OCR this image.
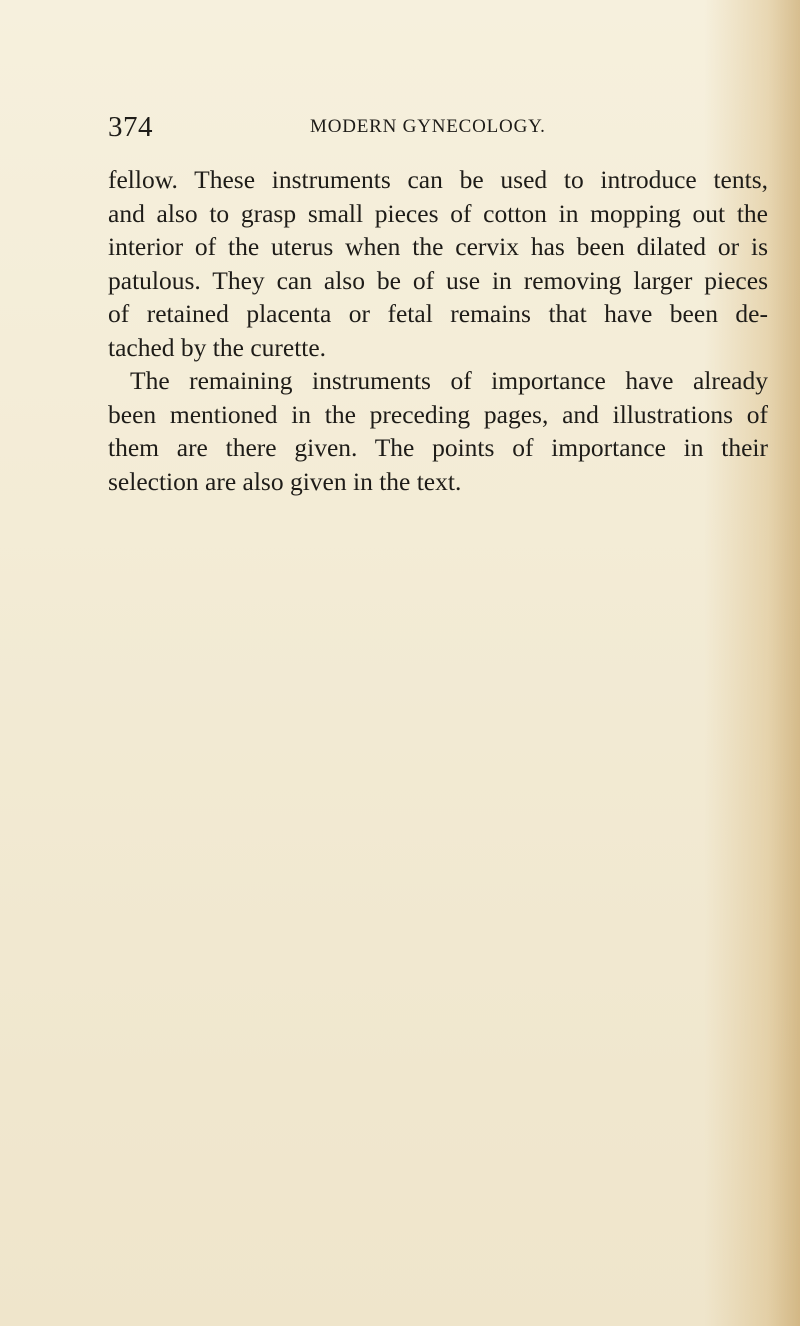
374	MODERN GYNECOLOGY.
fellow. These instruments can be used to introduce tents,
and also to grasp small pieces of cotton in mopping out the
interior of the uterus when the cervix has been dilated or is
patulous. They can also be of use in removing larger pieces
of retained placenta or fetal remains that have been de-
tached by the curette.
The remaining instruments of importance have already
been mentioned in the preceding pages, and illustrations of
them are there given. The points of importance in their
selection are also given in the text.
